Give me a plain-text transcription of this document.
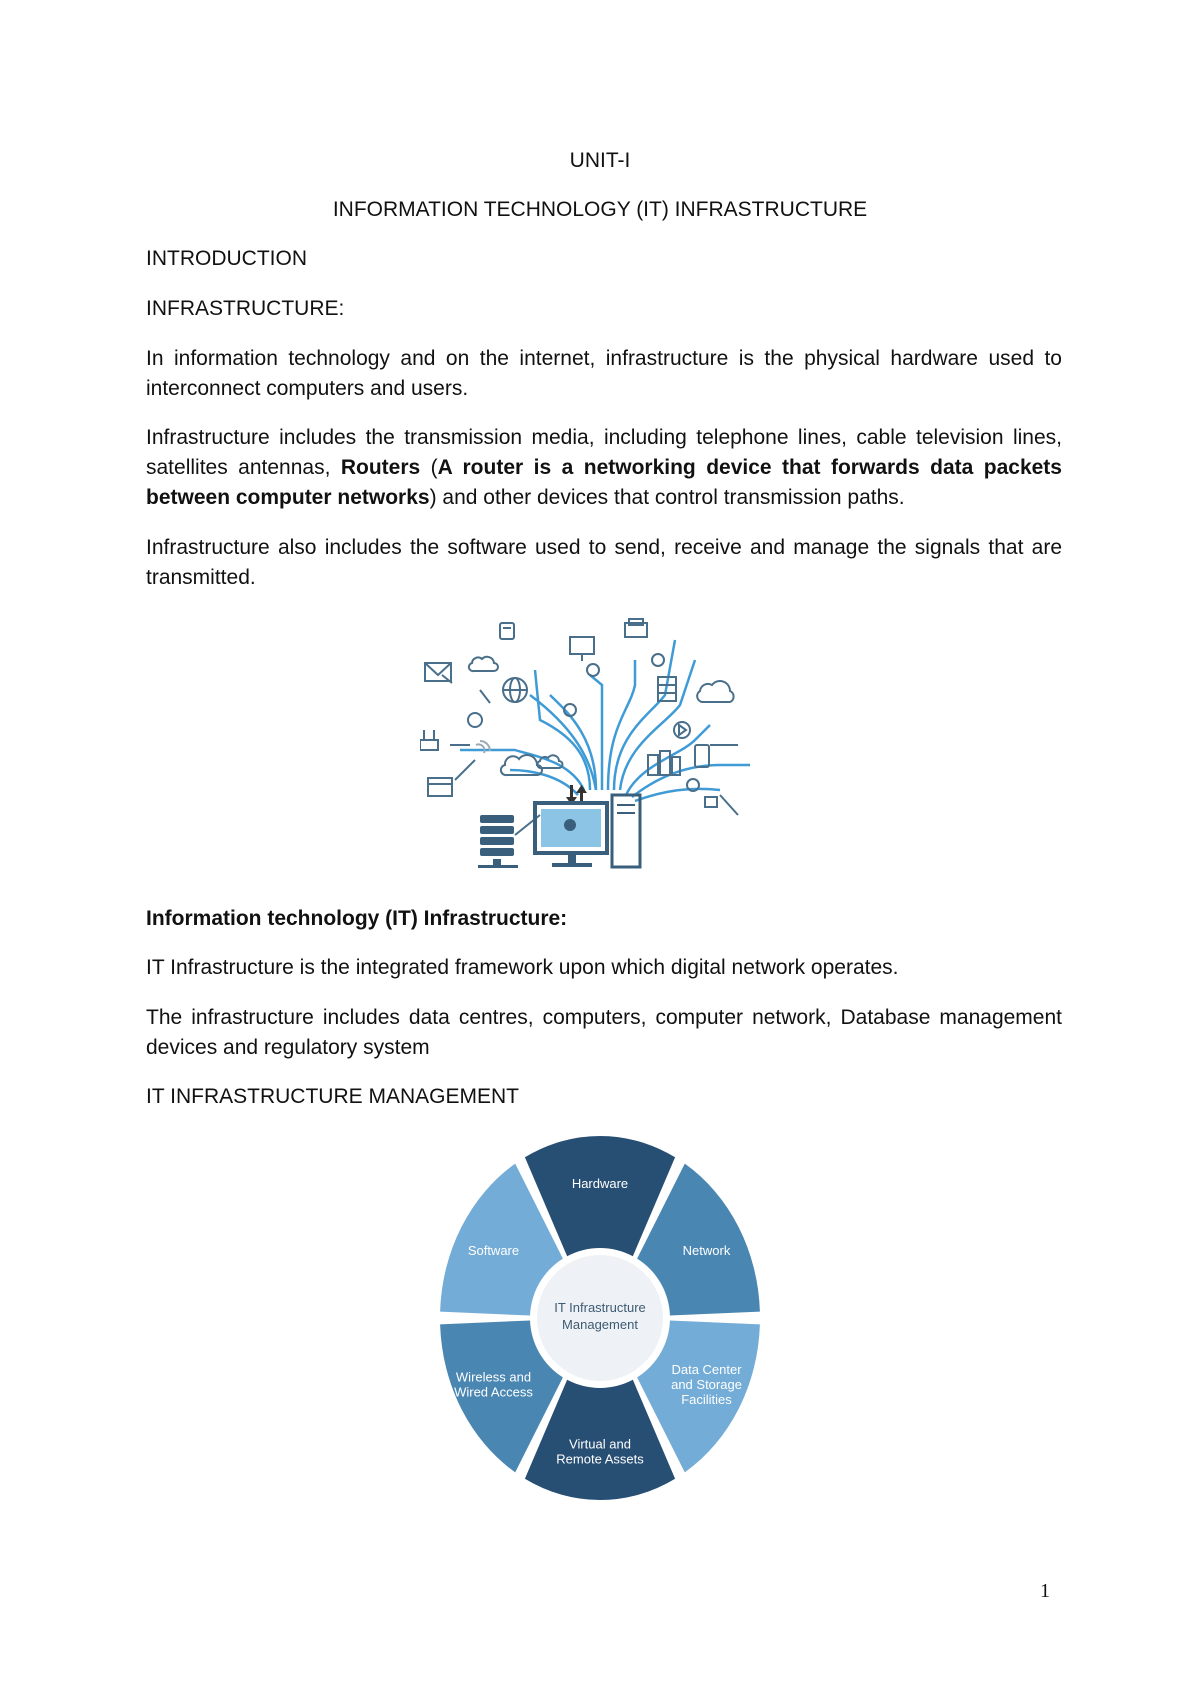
UNIT-I

INFORMATION TECHNOLOGY (IT) INFRASTRUCTURE

INTRODUCTION

INFRASTRUCTURE:

In information technology and on the internet, infrastructure is the physical hardware used to interconnect computers and users.

Infrastructure includes the transmission media, including telephone lines, cable television lines, satellites antennas, Routers (A router is a networking device that forwards data packets between computer networks) and other devices that control transmission paths.

Infrastructure also includes the software used to send, receive and manage the signals that are transmitted.

Information technology (IT) Infrastructure:

IT Infrastructure is the integrated framework upon which digital network operates.

The infrastructure includes data centres, computers, computer network, Database management devices and regulatory system

IT INFRASTRUCTURE MANAGEMENT

Hardware
Network
Data Center
and Storage
Facilities
Virtual and
Remote Assets
Wireless and
Wired Access
Software
IT Infrastructure
Management
1
